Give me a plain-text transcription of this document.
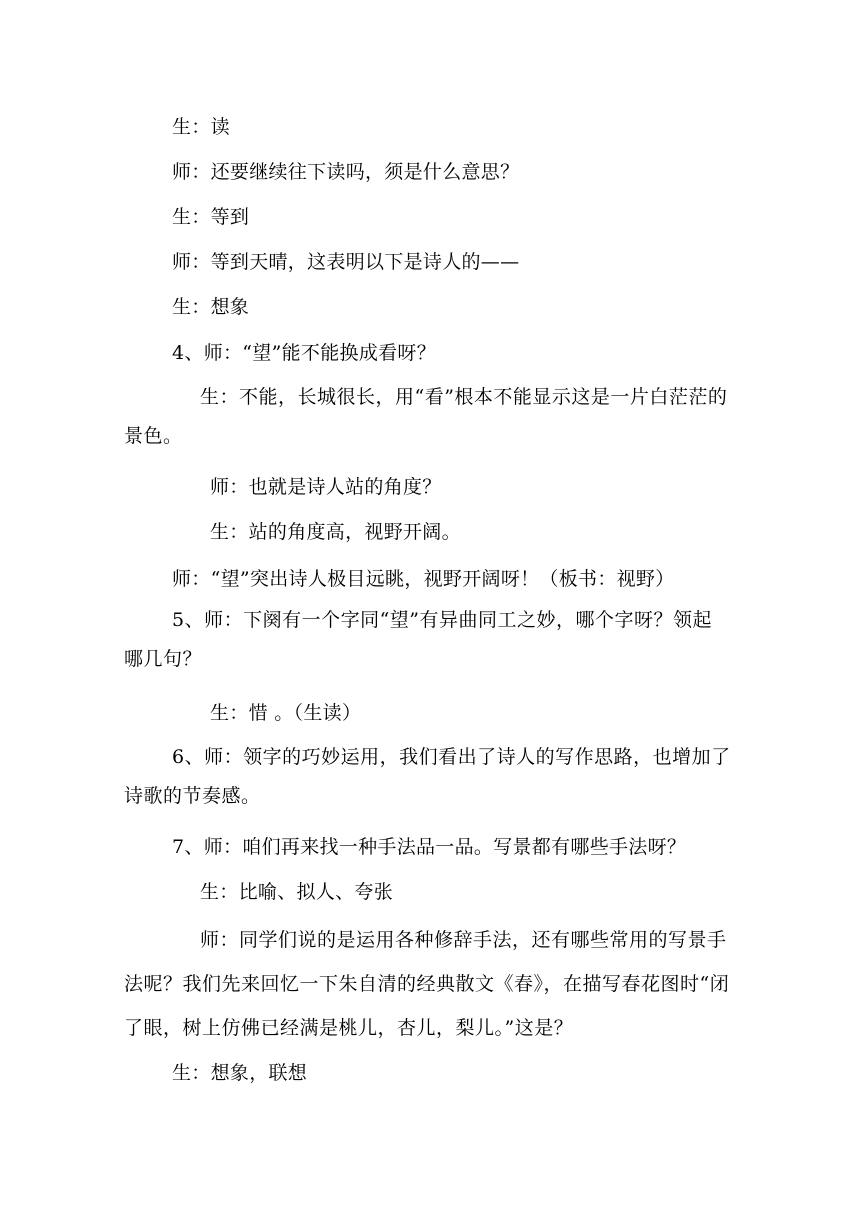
生：读
师：还要继续往下读吗，须是什么意思？
生：等到
师：等到天晴，这表明以下是诗人的——
生：想象
4、师：“望”能不能换成看呀？

生：不能，长城很长，用“看”根本不能显示这是一片白茫茫的景色。

师：也就是诗人站的角度？
生：站的角度高，视野开阔。
师：“望”突出诗人极目远眺，视野开阔呀！（板书：视野）

5、师：下阕有一个字同“望”有异曲同工之妙，哪个字呀？领起哪几句？

生：惜 。（生读）

6、师：领字的巧妙运用，我们看出了诗人的写作思路，也增加了诗歌的节奏感。

7、师：咱们再来找一种手法品一品。写景都有哪些手法呀？
生：比喻、拟人、夸张

师：同学们说的是运用各种修辞手法，还有哪些常用的写景手法呢？我们先来回忆一下朱自清的经典散文《春》，在描写春花图时“闭了眼，树上仿佛已经满是桃儿，杏儿，梨儿。”这是？

生：想象，联想
